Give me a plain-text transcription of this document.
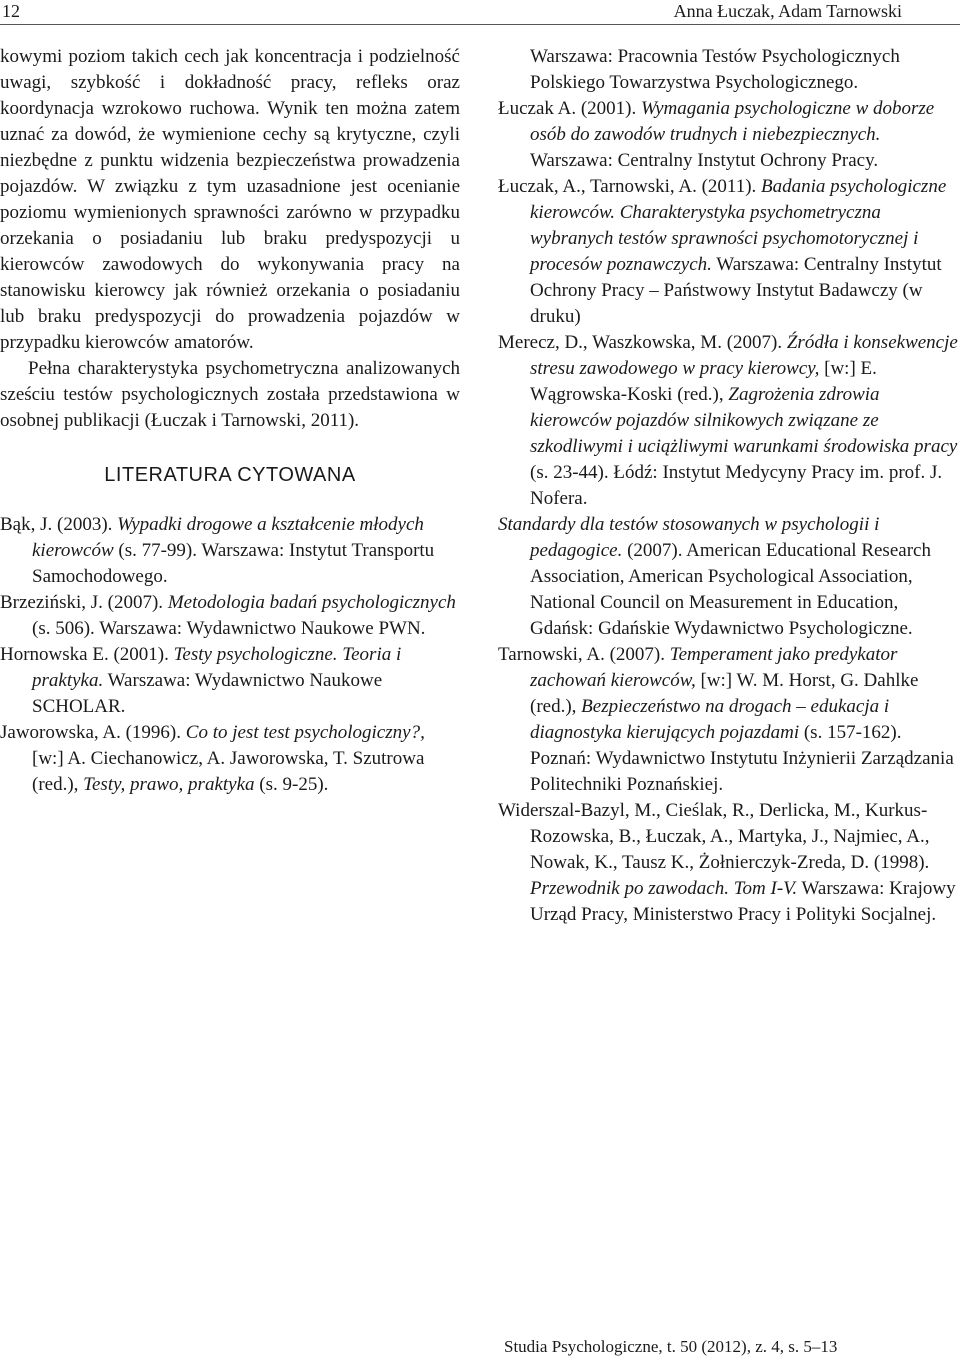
12	Anna Łuczak, Adam Tarnowski

kowymi poziom takich cech jak koncentracja i podzielność uwagi, szybkość i dokładność pracy, refleks oraz koordynacja wzrokowo ruchowa. Wynik ten można zatem uznać za dowód, że wymienione cechy są krytyczne, czyli niezbędne z punktu widzenia bezpieczeństwa prowadzenia pojazdów. W związku z tym uzasadnione jest ocenianie poziomu wymienionych sprawności zarówno w przypadku orzekania o posiadaniu lub braku predyspozycji u kierowców zawodowych do wykonywania pracy na stanowisku kierowcy jak również orzekania o posiadaniu lub braku predyspozycji do prowadzenia pojazdów w przypadku kierowców amatorów.

Pełna charakterystyka psychometryczna analizowanych sześciu testów psychologicznych została przedstawiona w osobnej publikacji (Łuczak i Tarnowski, 2011).

LITERATURA CYTOWANA

Bąk, J. (2003). Wypadki drogowe a kształcenie młodych kierowców (s. 77-99). Warszawa: Instytut Transportu Samochodowego.

Brzeziński, J. (2007). Metodologia badań psychologicznych (s. 506). Warszawa: Wydawnictwo Naukowe PWN.

Hornowska E. (2001). Testy psychologiczne. Teoria i praktyka. Warszawa: Wydawnictwo Naukowe SCHOLAR.

Jaworowska, A. (1996). Co to jest test psychologiczny?, [w:] A. Ciechanowicz, A. Jaworowska, T. Szutrowa (red.), Testy, prawo, praktyka (s. 9-25).

Warszawa: Pracownia Testów Psychologicznych Polskiego Towarzystwa Psychologicznego.

Łuczak A. (2001). Wymagania psychologiczne w doborze osób do zawodów trudnych i niebezpiecznych. Warszawa: Centralny Instytut Ochrony Pracy.

Łuczak, A., Tarnowski, A. (2011). Badania psychologiczne kierowców. Charakterystyka psychometryczna wybranych testów sprawności psychomotorycznej i procesów poznawczych. Warszawa: Centralny Instytut Ochrony Pracy – Państwowy Instytut Badawczy (w druku)

Merecz, D., Waszkowska, M. (2007). Źródła i konsekwencje stresu zawodowego w pracy kierowcy, [w:] E. Wągrowska-Koski (red.), Zagrożenia zdrowia kierowców pojazdów silnikowych związane ze szkodliwymi i uciążliwymi warunkami środowiska pracy (s. 23-44). Łódź: Instytut Medycyny Pracy im. prof. J. Nofera.

Standardy dla testów stosowanych w psychologii i pedagogice. (2007). American Educational Research Association, American Psychological Association, National Council on Measurement in Education, Gdańsk: Gdańskie Wydawnictwo Psychologiczne.

Tarnowski, A. (2007). Temperament jako predykator zachowań kierowców, [w:] W. M. Horst, G. Dahlke (red.), Bezpieczeństwo na drogach – edukacja i diagnostyka kierujących pojazdami (s. 157-162). Poznań: Wydawnictwo Instytutu Inżynierii Zarządzania Politechniki Poznańskiej.

Widerszal-Bazyl, M., Cieślak, R., Derlicka, M., Kurkus-Rozowska, B., Łuczak, A., Martyka, J., Najmiec, A., Nowak, K., Tausz K., Żołnierczyk-Zreda, D. (1998). Przewodnik po zawodach. Tom I-V. Warszawa: Krajowy Urząd Pracy, Ministerstwo Pracy i Polityki Socjalnej.

Studia Psychologiczne, t. 50 (2012), z. 4, s. 5–13
